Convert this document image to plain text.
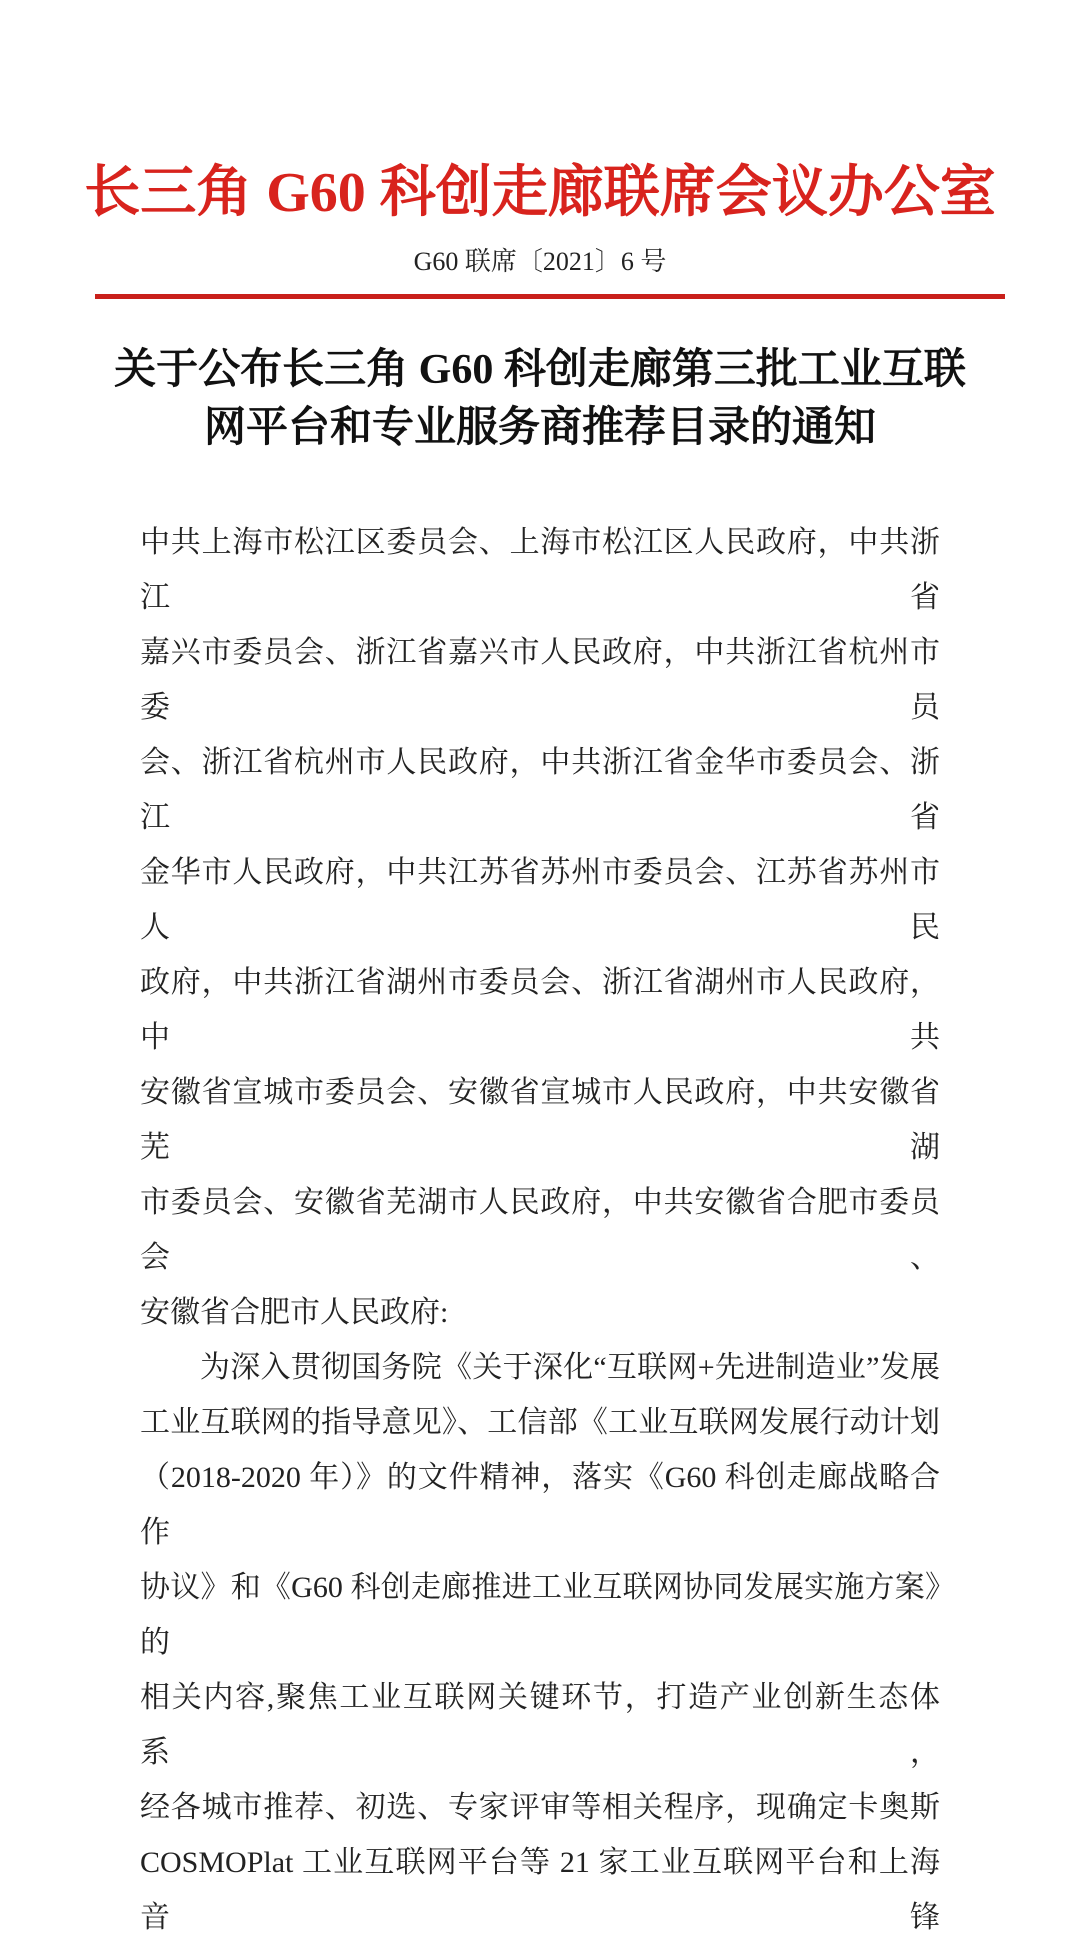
长三角 G60 科创走廊联席会议办公室
G60 联席〔2021〕6 号
关于公布长三角 G60 科创走廊第三批工业互联
网平台和专业服务商推荐目录的通知
中共上海市松江区委员会、上海市松江区人民政府，中共浙江省
嘉兴市委员会、浙江省嘉兴市人民政府，中共浙江省杭州市委员
会、浙江省杭州市人民政府，中共浙江省金华市委员会、浙江省
金华市人民政府，中共江苏省苏州市委员会、江苏省苏州市人民
政府，中共浙江省湖州市委员会、浙江省湖州市人民政府，中共
安徽省宣城市委员会、安徽省宣城市人民政府，中共安徽省芜湖
市委员会、安徽省芜湖市人民政府，中共安徽省合肥市委员会、
安徽省合肥市人民政府:
为深入贯彻国务院《关于深化“互联网+先进制造业”发展
工业互联网的指导意见》、工信部《工业互联网发展行动计划
（2018-2020 年）》的文件精神，落实《G60 科创走廊战略合作
协议》和《G60 科创走廊推进工业互联网协同发展实施方案》的
相关内容,聚焦工业互联网关键环节，打造产业创新生态体系，
经各城市推荐、初选、专家评审等相关程序，现确定卡奥斯
COSMOPlat 工业互联网平台等 21 家工业互联网平台和上海音锋
